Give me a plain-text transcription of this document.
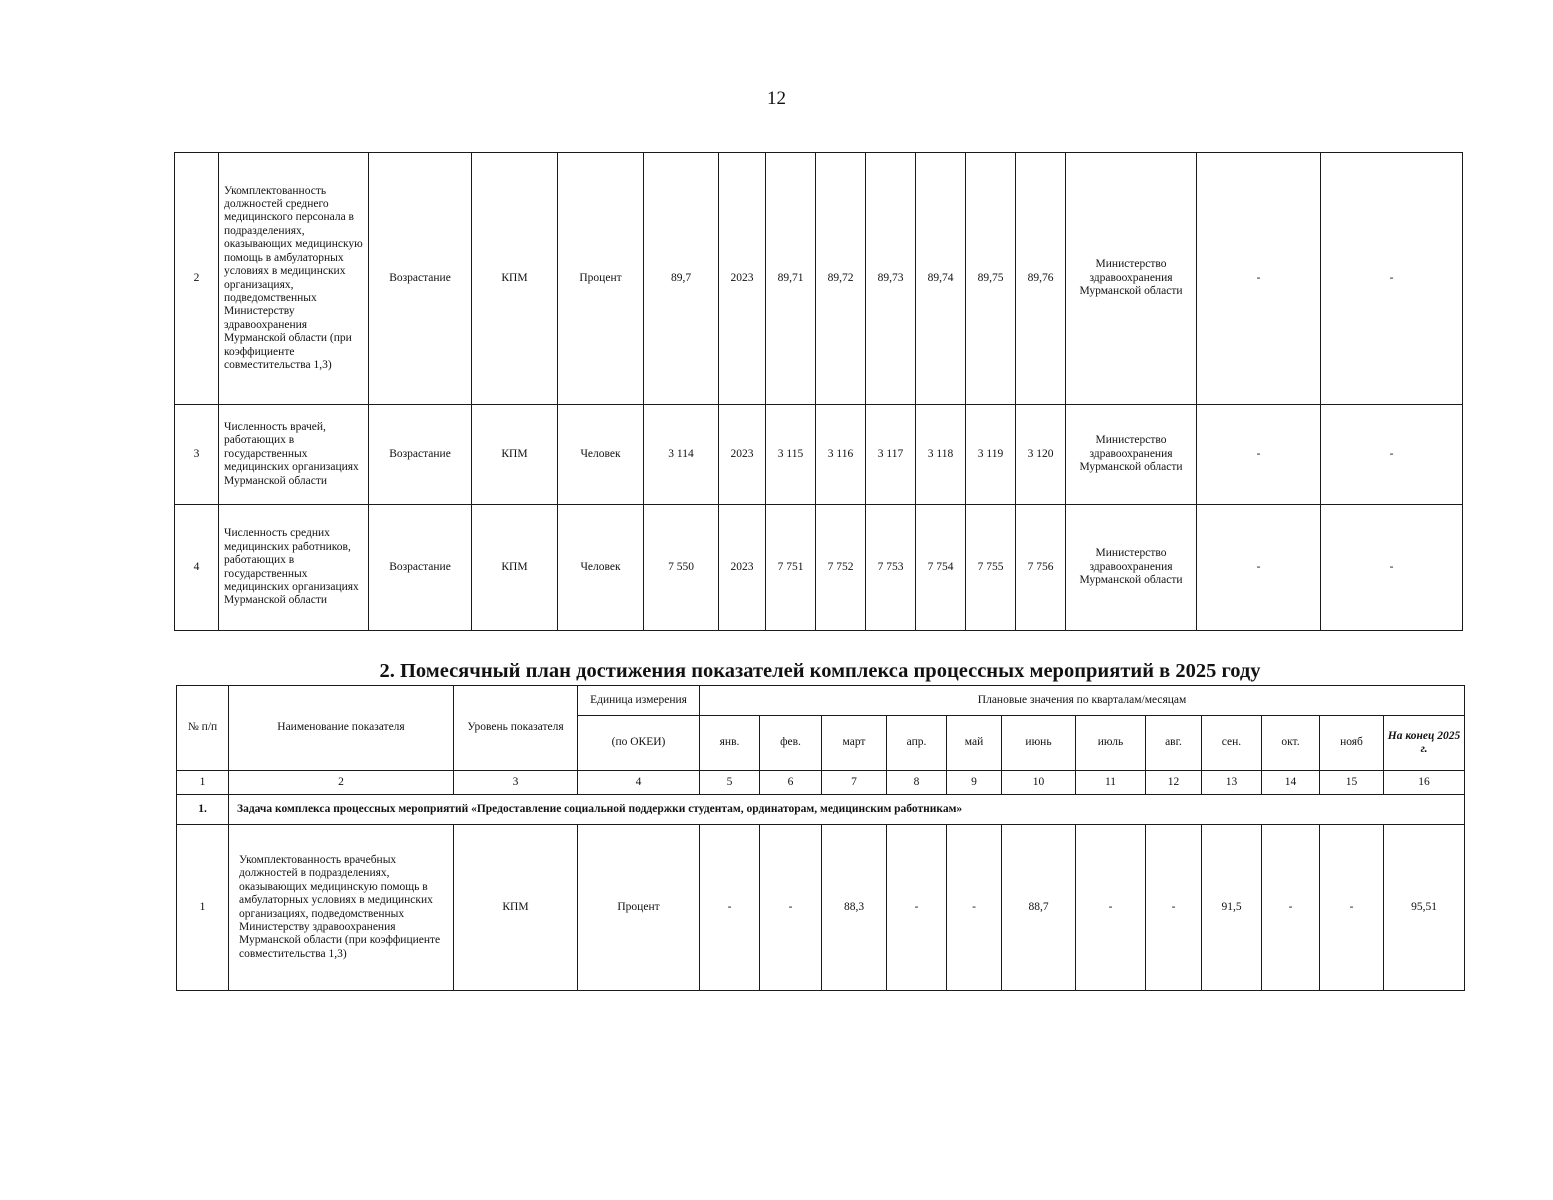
12
2	Укомплектованность должностей среднего медицинского персонала в подразделениях, оказывающих медицинскую помощь в амбулаторных условиях в медицинских организациях, подведомственных Министерству здравоохранения Мурманской области (при коэффициенте совместительства 1,3)	Возрастание	КПМ	Процент	89,7	2023	89,71	89,72	89,73	89,74	89,75	89,76	Министерство здравоохранения Мурманской области	-	-
3	Численность врачей, работающих в государственных медицинских организациях Мурманской области	Возрастание	КПМ	Человек	3 114	2023	3 115	3 116	3 117	3 118	3 119	3 120	Министерство здравоохранения Мурманской области	-	-
4	Численность средних медицинских работников, работающих в государственных медицинских организациях Мурманской области	Возрастание	КПМ	Человек	7 550	2023	7 751	7 752	7 753	7 754	7 755	7 756	Министерство здравоохранения Мурманской области	-	-
2. Помесячный план достижения показателей комплекса процессных мероприятий в 2025 году
№ п/п	Наименование показателя	Уровень показателя	Единица измерения	Плановые значения по кварталам/месяцам											
			(по ОКЕИ)	янв.	фев.	март	апр.	май	июнь	июль	авг.	сен.	окт.	нояб	На конец 2025 г.
1	2	3	4	5	6	7	8	9	10	11	12	13	14	15	16
1.	Задача комплекса процессных мероприятий «Предоставление социальной поддержки студентам, ординаторам, медицинским работникам»														
1	Укомплектованность врачебных должностей в подразделениях, оказывающих медицинскую помощь в амбулаторных условиях в медицинских организациях, подведомственных Министерству здравоохранения Мурманской области (при коэффициенте совместительства 1,3)	КПМ	Процент	-	-	88,3	-	-	88,7	-	-	91,5	-	-	95,51
